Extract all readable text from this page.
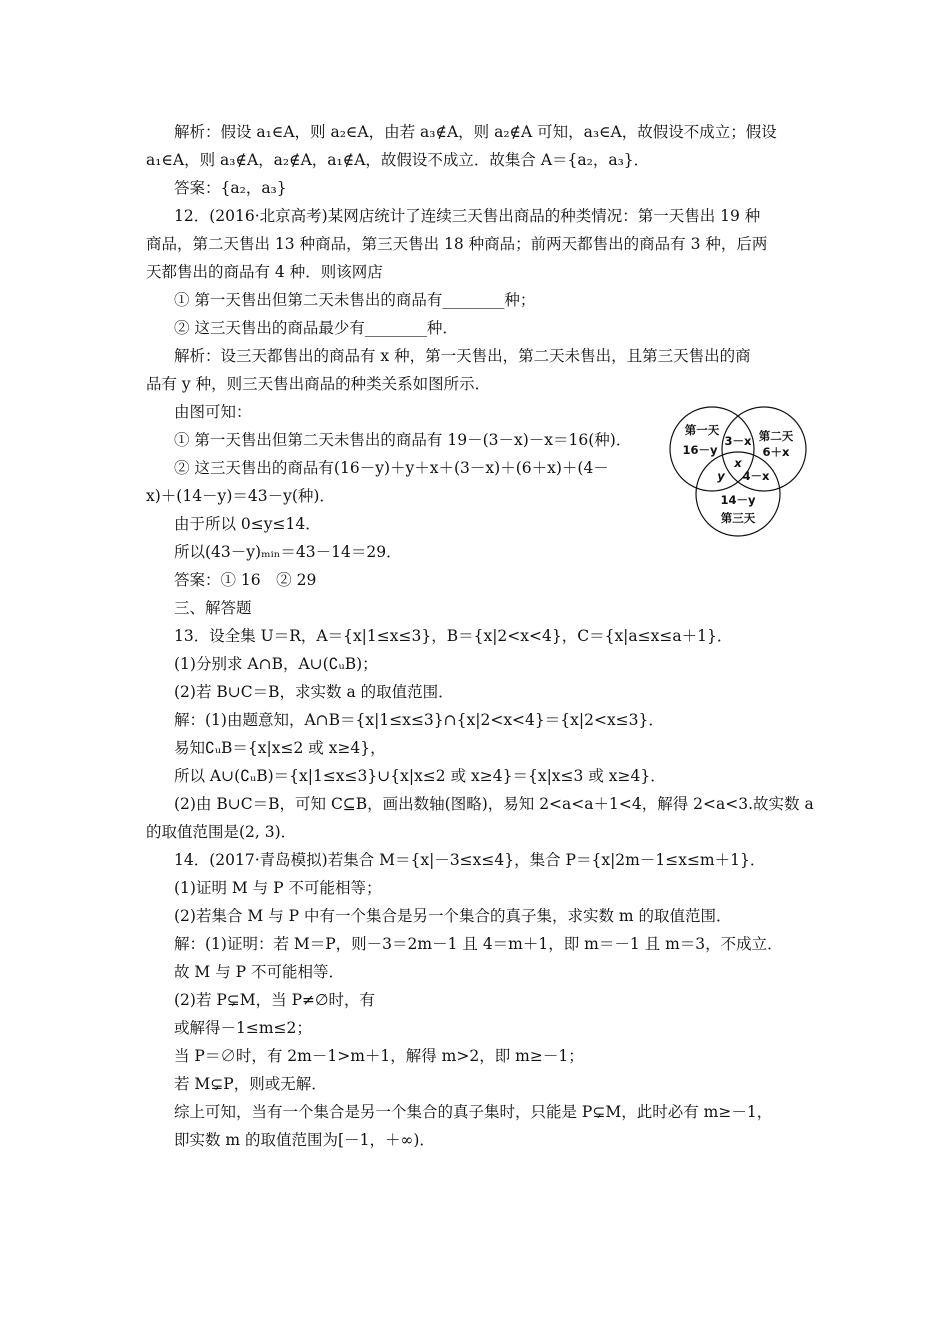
解析：假设 a₁∈A，则 a₂∈A，由若 a₃∉A，则 a₂∉A 可知，a₃∈A，故假设不成立；假设
a₁∈A，则 a₃∉A，a₂∉A，a₁∉A，故假设不成立．故集合 A＝{a₂，a₃}．
答案：{a₂，a₃}
12．(2016·北京高考)某网店统计了连续三天售出商品的种类情况：第一天售出 19 种
商品，第二天售出 13 种商品，第三天售出 18 种商品；前两天都售出的商品有 3 种，后两
天都售出的商品有 4 种．则该网店
① 第一天售出但第二天未售出的商品有________种；
② 这三天售出的商品最少有________种．
解析：设三天都售出的商品有 x 种，第一天售出，第二天未售出，且第三天售出的商
品有 y 种，则三天售出商品的种类关系如图所示．
由图可知：
① 第一天售出但第二天未售出的商品有 19－(3－x)－x＝16(种)．
② 这三天售出的商品有(16－y)＋y＋x＋(3－x)＋(6＋x)＋(4－
x)＋(14－y)＝43－y(种)．
由于所以 0≤y≤14．
所以(43－y)ₘᵢₙ＝43－14＝29．
答案：① 16　② 29
三、解答题
13．设全集 U＝R，A＝{x|1≤x≤3}，B＝{x|2<x<4}，C＝{x|a≤x≤a＋1}．
(1)分别求 A∩B，A∪(∁ᵤB)；
(2)若 B∪C＝B，求实数 a 的取值范围．
解：(1)由题意知，A∩B＝{x|1≤x≤3}∩{x|2<x<4}＝{x|2<x≤3}．
易知∁ᵤB＝{x|x≤2 或 x≥4}，
所以 A∪(∁ᵤB)＝{x|1≤x≤3}∪{x|x≤2 或 x≥4}＝{x|x≤3 或 x≥4}．
(2)由 B∪C＝B，可知 C⊆B，画出数轴(图略)，易知 2<a<a＋1<4，解得 2<a<3.故实数 a
的取值范围是(2, 3)．
14．(2017·青岛模拟)若集合 M＝{x|－3≤x≤4}，集合 P＝{x|2m－1≤x≤m＋1}．
(1)证明 M 与 P 不可能相等；
(2)若集合 M 与 P 中有一个集合是另一个集合的真子集，求实数 m 的取值范围．
解：(1)证明：若 M＝P，则－3＝2m－1 且 4＝m＋1，即 m＝－1 且 m＝3，不成立．
故 M 与 P 不可能相等．
(2)若 P⊊M，当 P≠∅时，有
或解得－1≤m≤2；
当 P＝∅时，有 2m－1>m＋1，解得 m>2，即 m≥－1；
若 M⊊P，则或无解．
综上可知，当有一个集合是另一个集合的真子集时，只能是 P⊊M，此时必有 m≥－1，
即实数 m 的取值范围为[－1，＋∞)．
第一天
16－y
第二天
6＋x
3－x
x
y 4－x
14－y
第三天
